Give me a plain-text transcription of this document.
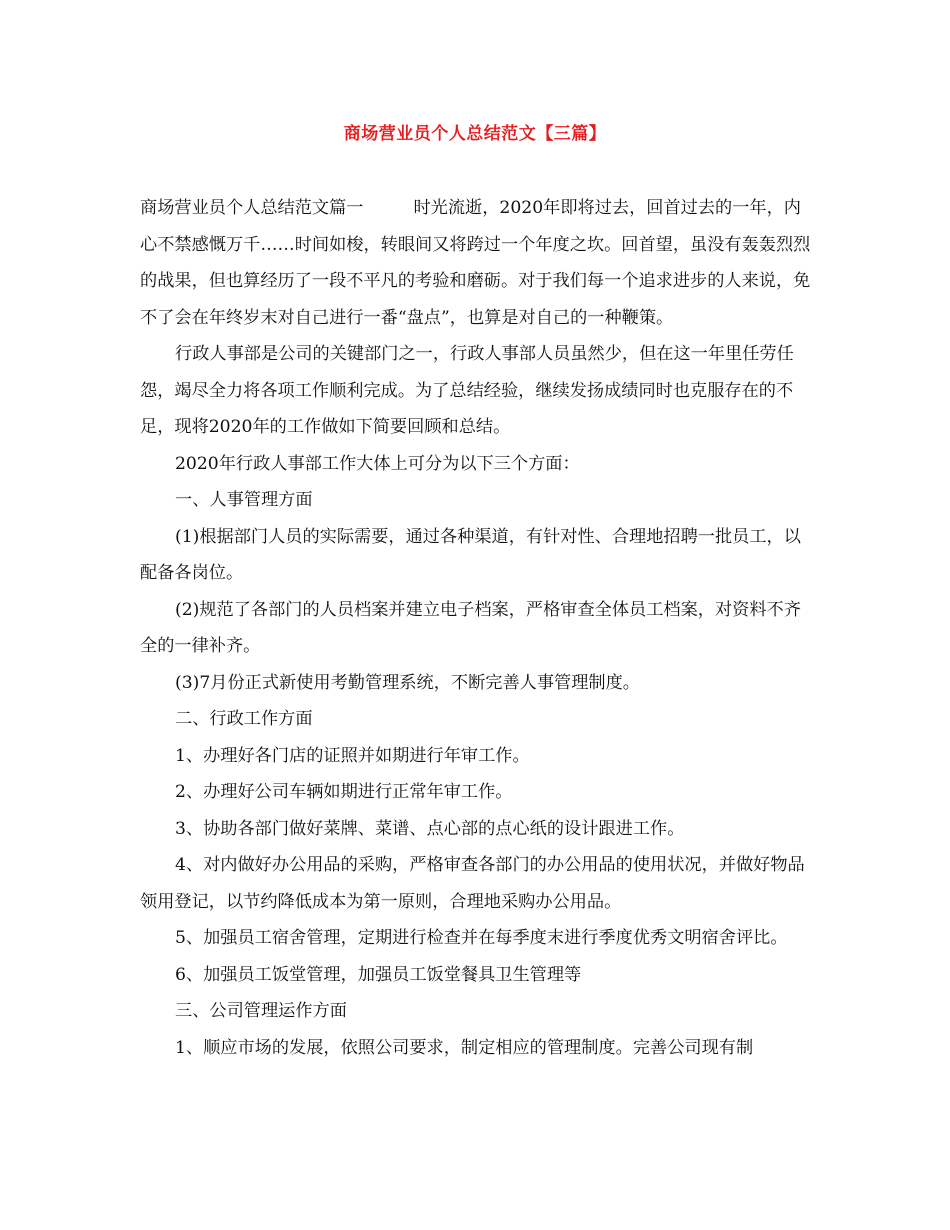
商场营业员个人总结范文【三篇】

商场营业员个人总结范文篇一	时光流逝，2020年即将过去，回首过去的一年，内心不禁感慨万千……时间如梭，转眼间又将跨过一个年度之坎。回首望，虽没有轰轰烈烈的战果，但也算经历了一段不平凡的考验和磨砺。对于我们每一个追求进步的人来说，免不了会在年终岁末对自己进行一番“盘点”，也算是对自己的一种鞭策。

行政人事部是公司的关键部门之一，行政人事部人员虽然少，但在这一年里任劳任怨，竭尽全力将各项工作顺利完成。为了总结经验，继续发扬成绩同时也克服存在的不足，现将2020年的工作做如下简要回顾和总结。

2020年行政人事部工作大体上可分为以下三个方面：

一、人事管理方面

(1)根据部门人员的实际需要，通过各种渠道，有针对性、合理地招聘一批员工，以配备各岗位。

(2)规范了各部门的人员档案并建立电子档案，严格审查全体员工档案，对资料不齐全的一律补齐。

(3)7月份正式新使用考勤管理系统，不断完善人事管理制度。

二、行政工作方面

1、办理好各门店的证照并如期进行年审工作。

2、办理好公司车辆如期进行正常年审工作。

3、协助各部门做好菜牌、菜谱、点心部的点心纸的设计跟进工作。

4、对内做好办公用品的采购，严格审查各部门的办公用品的使用状况，并做好物品领用登记，以节约降低成本为第一原则，合理地采购办公用品。

5、加强员工宿舍管理，定期进行检查并在每季度末进行季度优秀文明宿舍评比。

6、加强员工饭堂管理，加强员工饭堂餐具卫生管理等

三、公司管理运作方面

1、顺应市场的发展，依照公司要求，制定相应的管理制度。完善公司现有制
